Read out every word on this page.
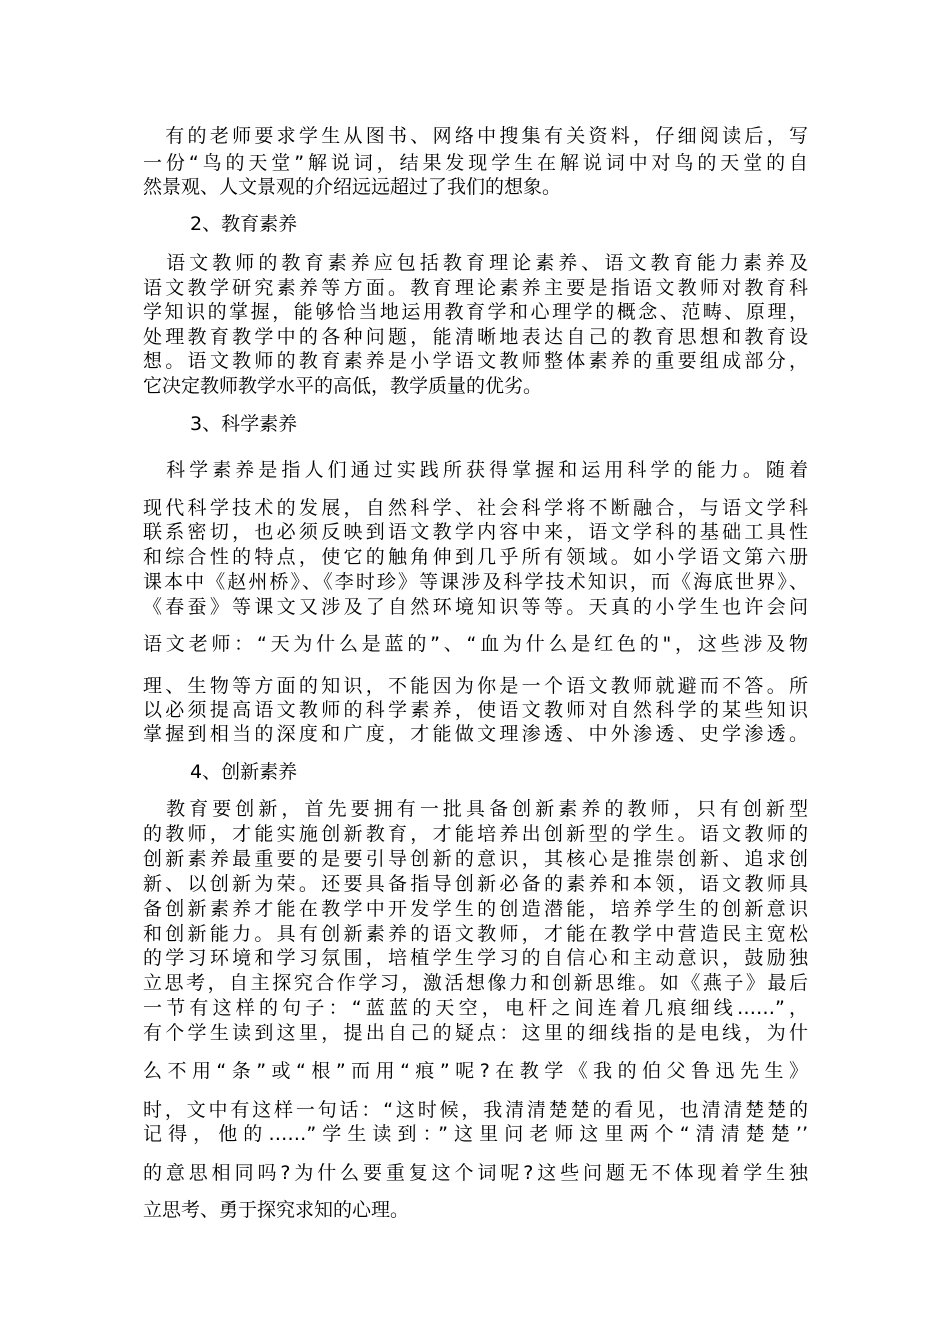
　有的老师要求学生从图书、网络中搜集有关资料，仔细阅读后，写
一份“鸟的天堂”解说词，结果发现学生在解说词中对鸟的天堂的自
然景观、人文景观的介绍远远超过了我们的想象。
2、教育素养
　语文教师的教育素养应包括教育理论素养、语文教育能力素养及
语文教学研究素养等方面。教育理论素养主要是指语文教师对教育科
学知识的掌握，能够恰当地运用教育学和心理学的概念、范畴、原理，
处理教育教学中的各种问题，能清晰地表达自己的教育思想和教育设
想。语文教师的教育素养是小学语文教师整体素养的重要组成部分，
它决定教师教学水平的高低，教学质量的优劣。
3、科学素养
　科学素养是指人们通过实践所获得掌握和运用科学的能力。随着
现代科学技术的发展，自然科学、社会科学将不断融合，与语文学科
联系密切，也必须反映到语文教学内容中来，语文学科的基础工具性
和综合性的特点，使它的触角伸到几乎所有领域。如小学语文第六册
课本中《赵州桥》、《李时珍》等课涉及科学技术知识，而《海底世界》、
《春蚕》等课文又涉及了自然环境知识等等。天真的小学生也许会问
语文老师：“天为什么是蓝的”、“血为什么是红色的"，这些涉及物
理、生物等方面的知识，不能因为你是一个语文教师就避而不答。所
以必须提高语文教师的科学素养，使语文教师对自然科学的某些知识
掌握到相当的深度和广度，才能做文理渗透、中外渗透、史学渗透。
4、创新素养
　教育要创新，首先要拥有一批具备创新素养的教师，只有创新型
的教师，才能实施创新教育，才能培养出创新型的学生。语文教师的
创新素养最重要的是要引导创新的意识，其核心是推崇创新、追求创
新、以创新为荣。还要具备指导创新必备的素养和本领，语文教师具
备创新素养才能在教学中开发学生的创造潜能，培养学生的创新意识
和创新能力。具有创新素养的语文教师，才能在教学中营造民主宽松
的学习环境和学习氛围，培植学生学习的自信心和主动意识，鼓励独
立思考，自主探究合作学习，激活想像力和创新思维。如《燕子》最后
一节有这样的句子：“蓝蓝的天空，电杆之间连着几痕细线……”，
有个学生读到这里，提出自己的疑点：这里的细线指的是电线，为什
么不用“条”或“根”而用“痕”呢?在教学《我的伯父鲁迅先生》
时，文中有这样一句话：“这时候，我清清楚楚的看见，也清清楚楚的
记得，他的……”学生读到：”这里问老师这里两个“清清楚楚’’
的意思相同吗?为什么要重复这个词呢?这些问题无不体现着学生独
立思考、勇于探究求知的心理。
